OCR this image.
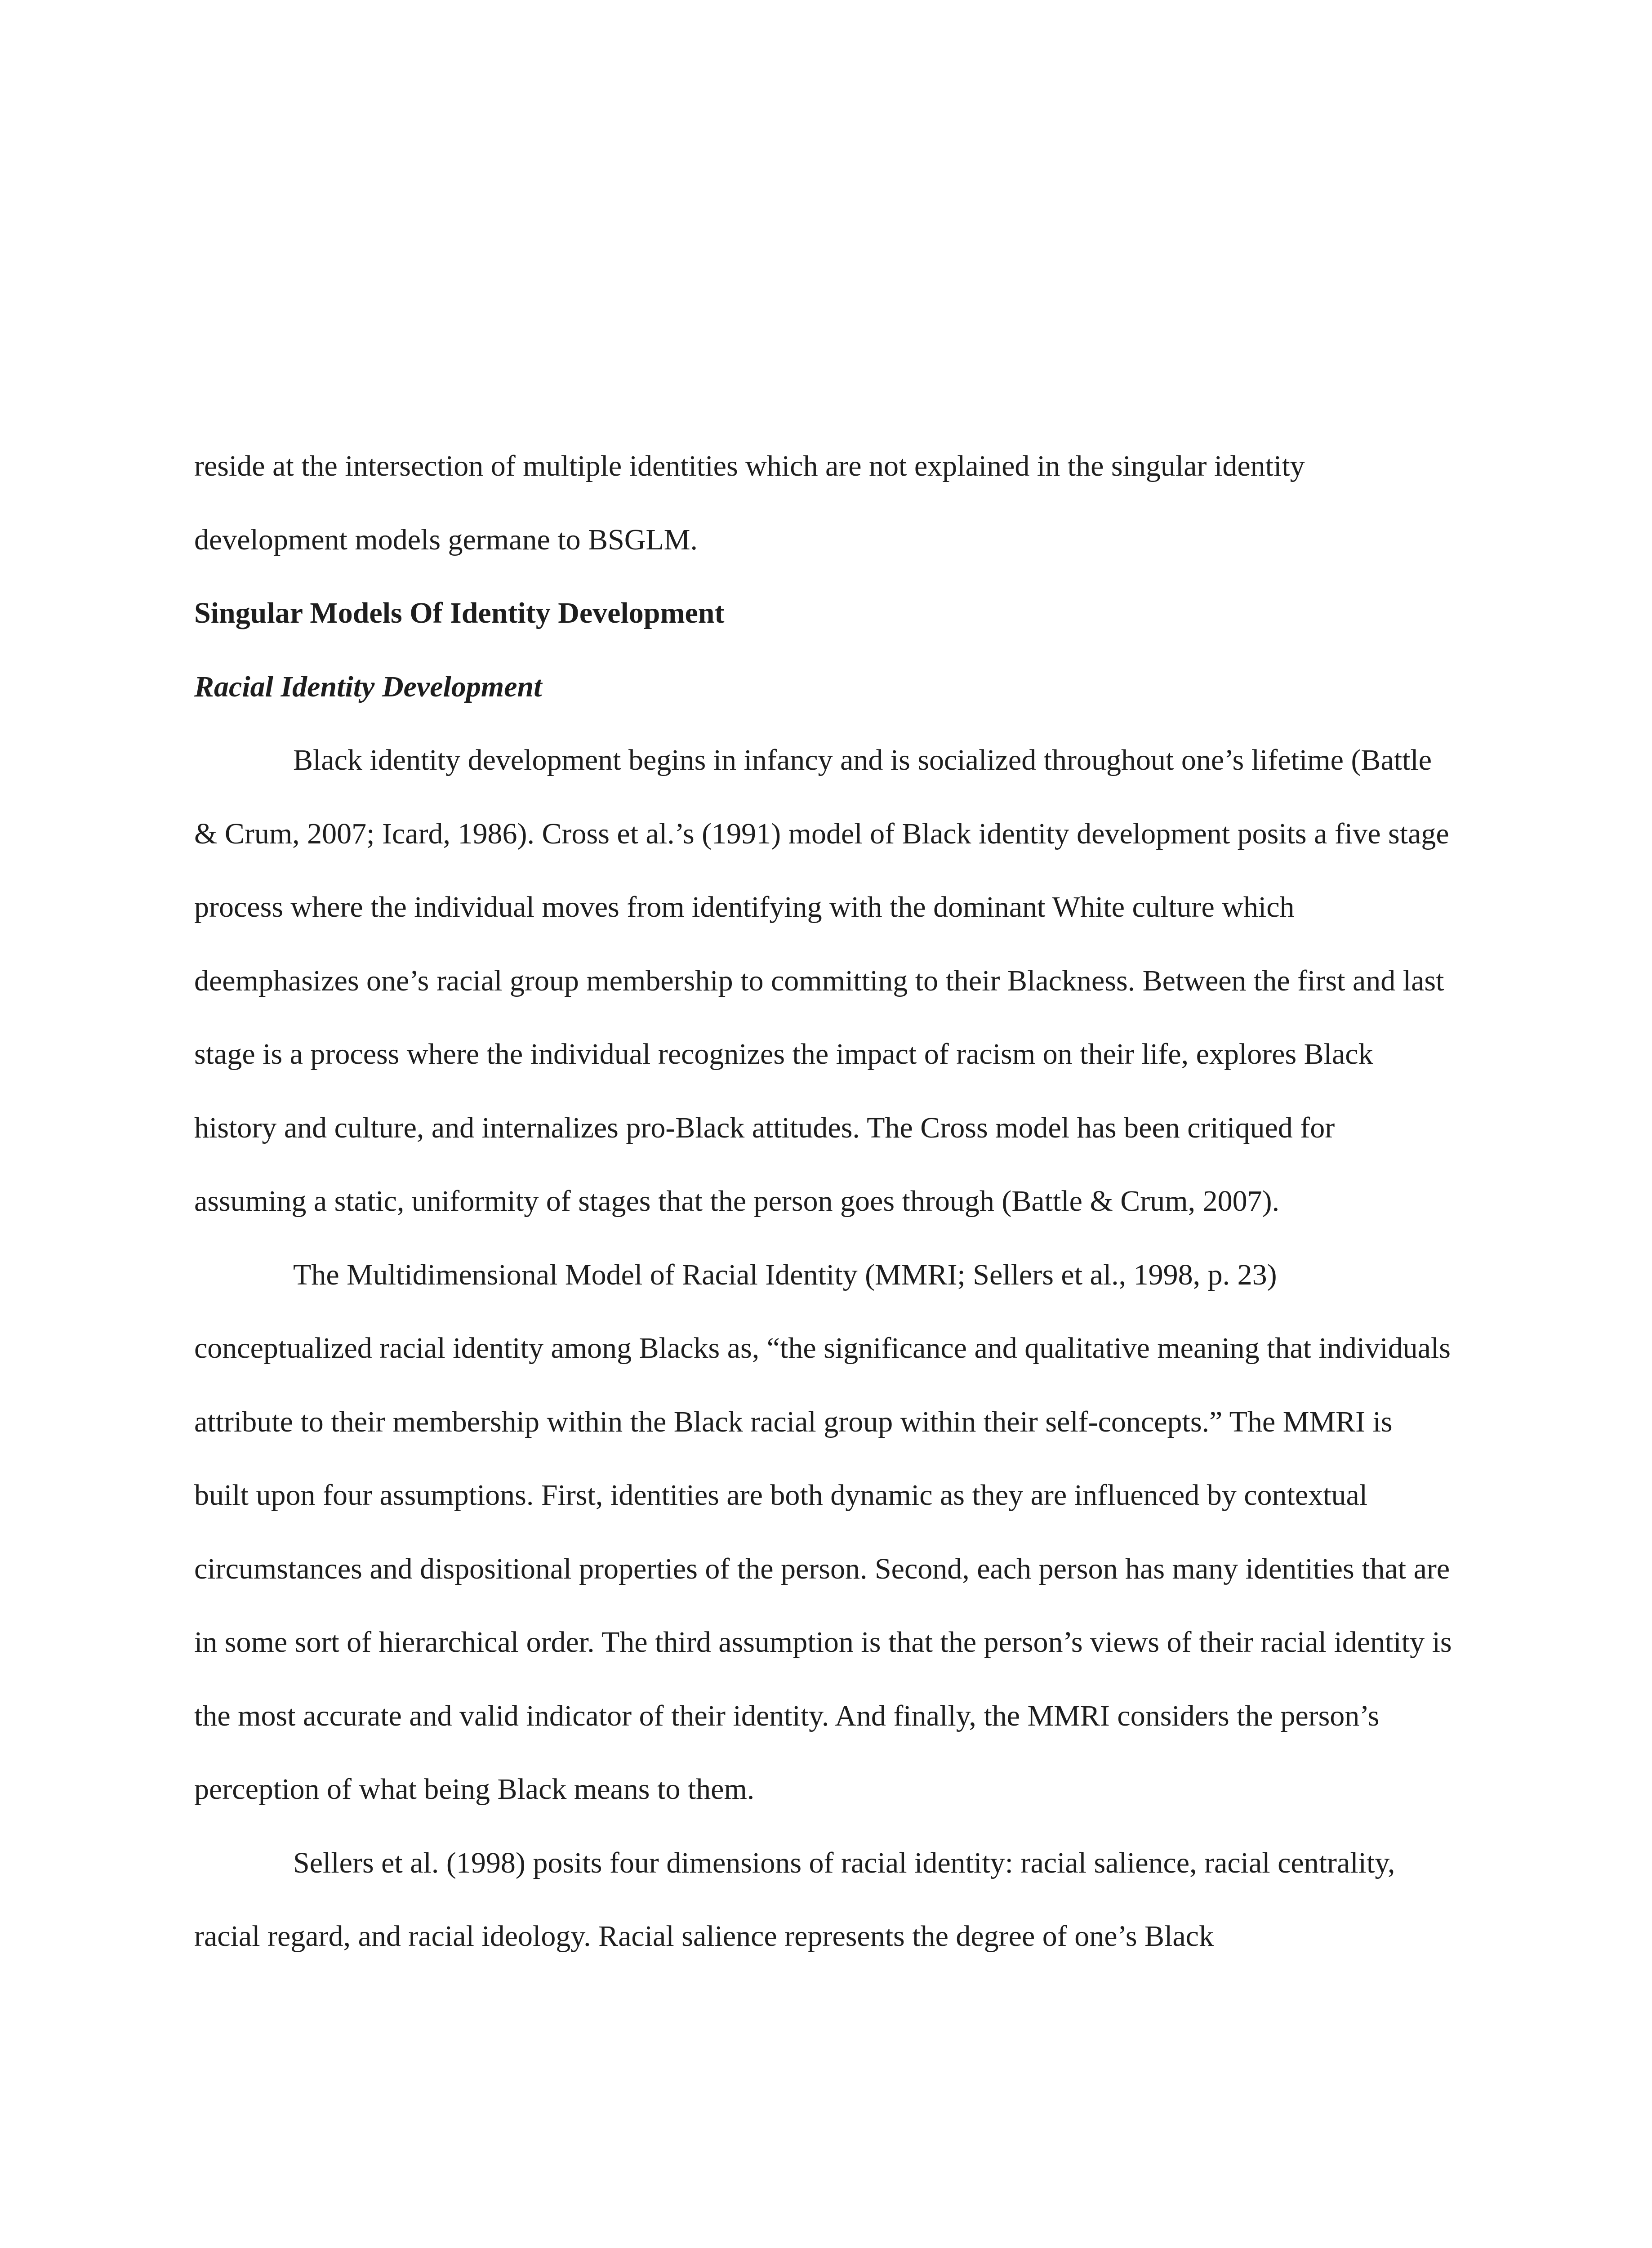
reside at the intersection of multiple identities which are not explained in the singular identity development models germane to BSGLM.

Singular Models Of Identity Development

Racial Identity Development

Black identity development begins in infancy and is socialized throughout one’s lifetime (Battle & Crum, 2007; Icard, 1986). Cross et al.’s (1991) model of Black identity development posits a five stage process where the individual moves from identifying with the dominant White culture which deemphasizes one’s racial group membership to committing to their Blackness. Between the first and last stage is a process where the individual recognizes the impact of racism on their life, explores Black history and culture, and internalizes pro-Black attitudes. The Cross model has been critiqued for assuming a static, uniformity of stages that the person goes through (Battle & Crum, 2007).

The Multidimensional Model of Racial Identity (MMRI; Sellers et al., 1998, p. 23) conceptualized racial identity among Blacks as, “the significance and qualitative meaning that individuals attribute to their membership within the Black racial group within their self-concepts.” The MMRI is built upon four assumptions. First, identities are both dynamic as they are influenced by contextual circumstances and dispositional properties of the person. Second, each person has many identities that are in some sort of hierarchical order. The third assumption is that the person’s views of their racial identity is the most accurate and valid indicator of their identity. And finally, the MMRI considers the person’s perception of what being Black means to them.

Sellers et al. (1998) posits four dimensions of racial identity: racial salience, racial centrality, racial regard, and racial ideology. Racial salience represents the degree of one’s Black
